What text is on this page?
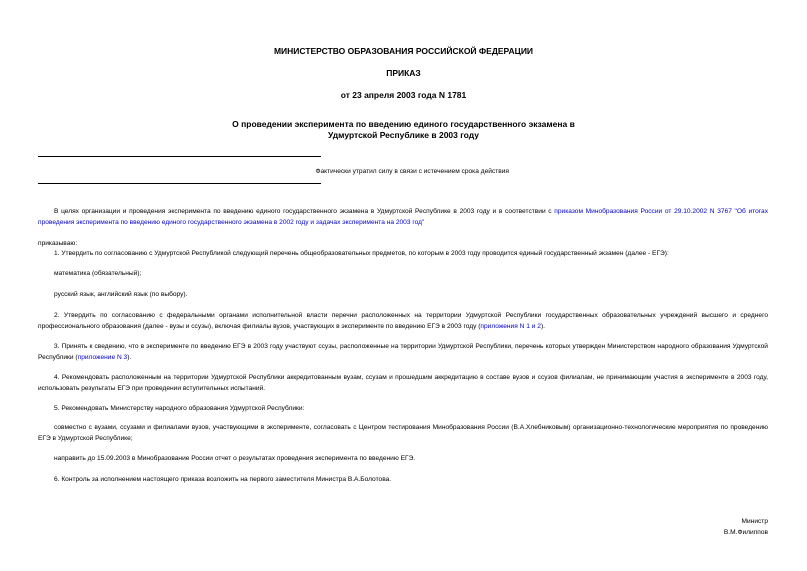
МИНИСТЕРСТВО ОБРАЗОВАНИЯ РОССИЙСКОЙ ФЕДЕРАЦИИ
ПРИКАЗ
от 23 апреля 2003 года N 1781
О проведении эксперимента по введению единого государственного экзамена в
Удмуртской Республике в 2003 году
Фактически утратил силу в связи с истечением срока действия
В целях организации и проведения эксперимента по введению единого государственного экзамена в Удмуртской Республике в 2003 году и в соответствии с приказом Минобразования России от 29.10.2002 N 3767 "Об итогах проведения эксперимента по введению единого государственного экзамена в 2002 году и задачах эксперимента на 2003 год"
приказываю:
1. Утвердить по согласованию с Удмуртской Республикой следующий перечень общеобразовательных предметов, по которым в 2003 году проводится единый государственный экзамен (далее - ЕГЭ):
математика (обязательный);
русский язык, английский язык (по выбору).
2. Утвердить по согласованию с федеральными органами исполнительной власти перечни расположенных на территории Удмуртской Республики государственных образовательных учреждений высшего и среднего профессионального образования (далее - вузы и ссузы), включая филиалы вузов, участвующих в эксперименте по введению ЕГЭ в 2003 году (приложения N 1 и 2).
3. Принять к сведению, что в эксперименте по введению ЕГЭ в 2003 году участвуют ссузы, расположенные на территории Удмуртской Республики, перечень которых утвержден Министерством народного образования Удмуртской Республики (приложение N 3).
4. Рекомендовать расположенным на территории Удмуртской Республики аккредитованным вузам, ссузам и прошедшим аккредитацию в составе вузов и ссузов филиалам, не принимающим участия в эксперименте в 2003 году, использовать результаты ЕГЭ при проведении вступительных испытаний.
5. Рекомендовать Министерству народного образования Удмуртской Республики:
совместно с вузами, ссузами и филиалами вузов, участвующими в эксперименте, согласовать с Центром тестирования Минобразования России (В.А.Хлебниковым) организационно-технологические мероприятия по проведению ЕГЭ в Удмуртской Республике;
направить до 15.09.2003 в Минобразование России отчет о результатах проведения эксперимента по введению ЕГЭ.
6. Контроль за исполнением настоящего приказа возложить на первого заместителя Министра В.А.Болотова.
Министр
В.М.Филиппов
